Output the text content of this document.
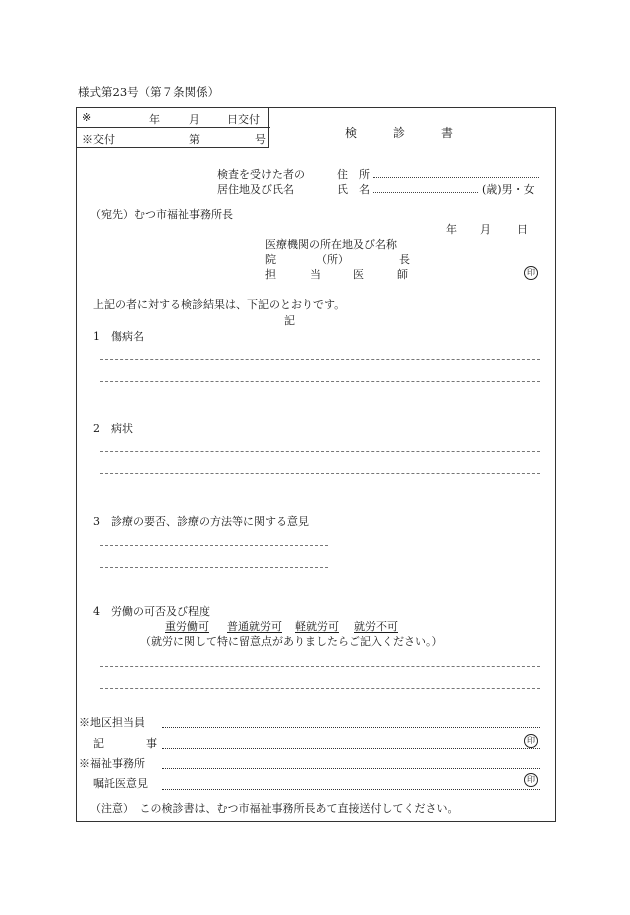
様式第23号（第７条関係）
※	年	月 日交付
※交付	第	号	検	診	書
検査を受けた者の
居住地及び氏名
住　所
氏　名	(歳)男・女
（宛先）むつ市福祉事務所長
年 月 日
医療機関の所在地及び名称
院	（所）	長
担	当	医	師	印
上記の者に対する検診結果は、下記のとおりです。
記
1　傷病名
2　病状
3　診療の要否、診療の方法等に関する意見
4　労働の可否及び程度
重労働可 普通就労可 軽就労可 就労不可
（就労に関して特に留意点がありましたらご記入ください。）
※地区担当員
記	事	印
※福祉事務所
嘱託医意見	印
（注意）　この検診書は、むつ市福祉事務所長あて直接送付してください。
